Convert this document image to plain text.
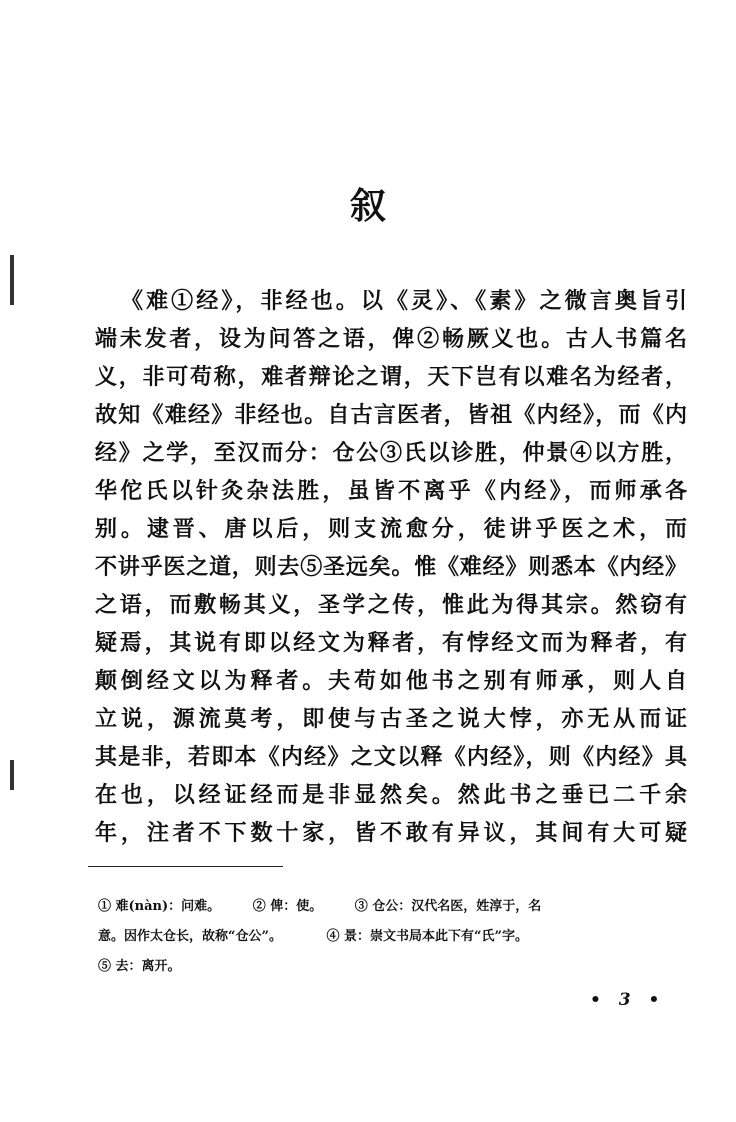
叙
《难①经》，非经也。以《灵》、《素》之微言奥旨引
端未发者，设为问答之语，俾②畅厥义也。古人书篇名
义，非可苟称，难者辩论之谓，天下岂有以难名为经者，
故知《难经》非经也。自古言医者，皆祖《内经》，而《内
经》之学，至汉而分：仓公③氏以诊胜，仲景④以方胜，
华佗氏以针灸杂法胜，虽皆不离乎《内经》，而师承各
别。逮晋、唐以后，则支流愈分，徒讲乎医之术，而
不讲乎医之道，则去⑤圣远矣。惟《难经》则悉本《内经》
之语，而敷畅其义，圣学之传，惟此为得其宗。然窃有
疑焉，其说有即以经文为释者，有悖经文而为释者，有
颠倒经文以为释者。夫苟如他书之别有师承，则人自
立说，源流莫考，即使与古圣之说大悖，亦无从而证
其是非，若即本《内经》之文以释《内经》，则《内经》具
在也，以经证经而是非显然矣。然此书之垂已二千余
年，注者不下数十家，皆不敢有异议，其间有大可疑
① 难(nàn)：问难。	② 俾：使。	③ 仓公：汉代名医，姓淳于，名
意。因作太仓长，故称“仓公”。	④ 景：崇文书局本此下有“氏”字。
⑤ 去：离开。
• 3 •
